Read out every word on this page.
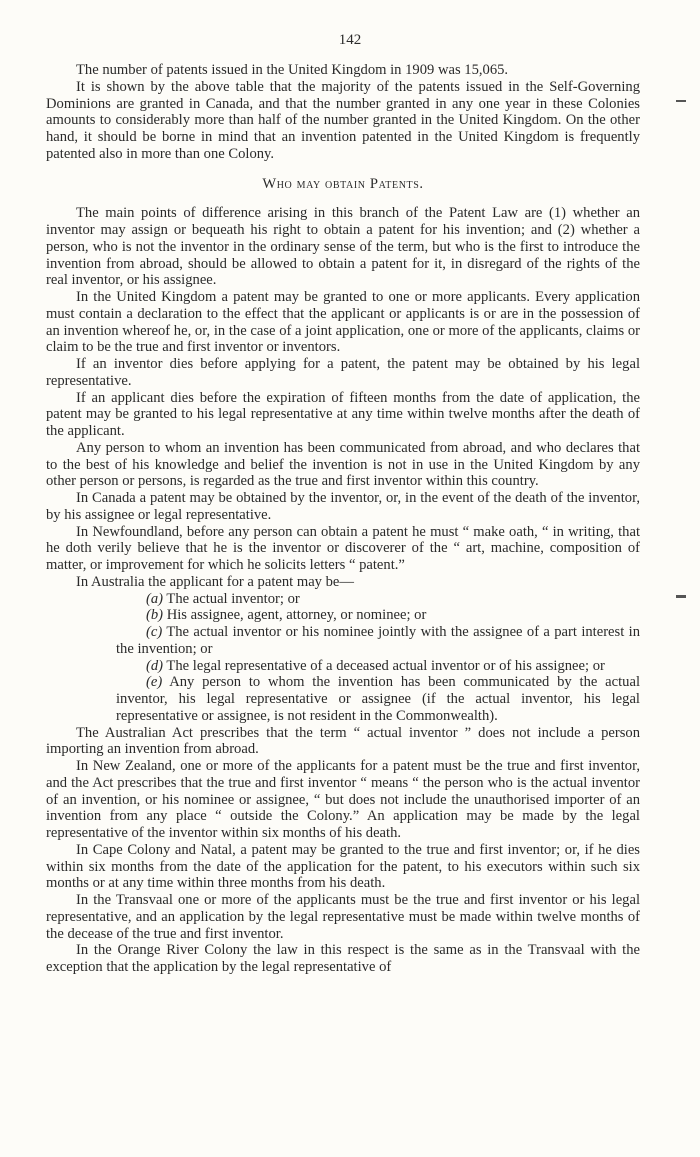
142

The number of patents issued in the United Kingdom in 1909 was 15,065.

It is shown by the above table that the majority of the patents issued in the Self-Governing Dominions are granted in Canada, and that the number granted in any one year in these Colonies amounts to considerably more than half of the number granted in the United Kingdom. On the other hand, it should be borne in mind that an invention patented in the United Kingdom is frequently patented also in more than one Colony.

Who may obtain Patents.

The main points of difference arising in this branch of the Patent Law are (1) whether an inventor may assign or bequeath his right to obtain a patent for his invention; and (2) whether a person, who is not the inventor in the ordinary sense of the term, but who is the first to introduce the invention from abroad, should be allowed to obtain a patent for it, in disregard of the rights of the real inventor, or his assignee.

In the United Kingdom a patent may be granted to one or more applicants. Every application must contain a declaration to the effect that the applicant or applicants is or are in the possession of an invention whereof he, or, in the case of a joint application, one or more of the applicants, claims or claim to be the true and first inventor or inventors.

If an inventor dies before applying for a patent, the patent may be obtained by his legal representative.

If an applicant dies before the expiration of fifteen months from the date of application, the patent may be granted to his legal representative at any time within twelve months after the death of the applicant.

Any person to whom an invention has been communicated from abroad, and who declares that to the best of his knowledge and belief the invention is not in use in the United Kingdom by any other person or persons, is regarded as the true and first inventor within this country.

In Canada a patent may be obtained by the inventor, or, in the event of the death of the inventor, by his assignee or legal representative.

In Newfoundland, before any person can obtain a patent he must “ make oath, “ in writing, that he doth verily believe that he is the inventor or discoverer of the “ art, machine, composition of matter, or improvement for which he solicits letters “ patent.”

In Australia the applicant for a patent may be—

(a) The actual inventor; or

(b) His assignee, agent, attorney, or nominee; or

(c) The actual inventor or his nominee jointly with the assignee of a part interest in the invention; or

(d) The legal representative of a deceased actual inventor or of his assignee; or

(e) Any person to whom the invention has been communicated by the actual inventor, his legal representative or assignee (if the actual inventor, his legal representative or assignee, is not resident in the Commonwealth).

The Australian Act prescribes that the term “ actual inventor ” does not include a person importing an invention from abroad.

In New Zealand, one or more of the applicants for a patent must be the true and first inventor, and the Act prescribes that the true and first inventor “ means “ the person who is the actual inventor of an invention, or his nominee or assignee, “ but does not include the unauthorised importer of an invention from any place “ outside the Colony.” An application may be made by the legal representative of the inventor within six months of his death.

In Cape Colony and Natal, a patent may be granted to the true and first inventor; or, if he dies within six months from the date of the application for the patent, to his executors within such six months or at any time within three months from his death.

In the Transvaal one or more of the applicants must be the true and first inventor or his legal representative, and an application by the legal representative must be made within twelve months of the decease of the true and first inventor.

In the Orange River Colony the law in this respect is the same as in the Transvaal with the exception that the application by the legal representative of
